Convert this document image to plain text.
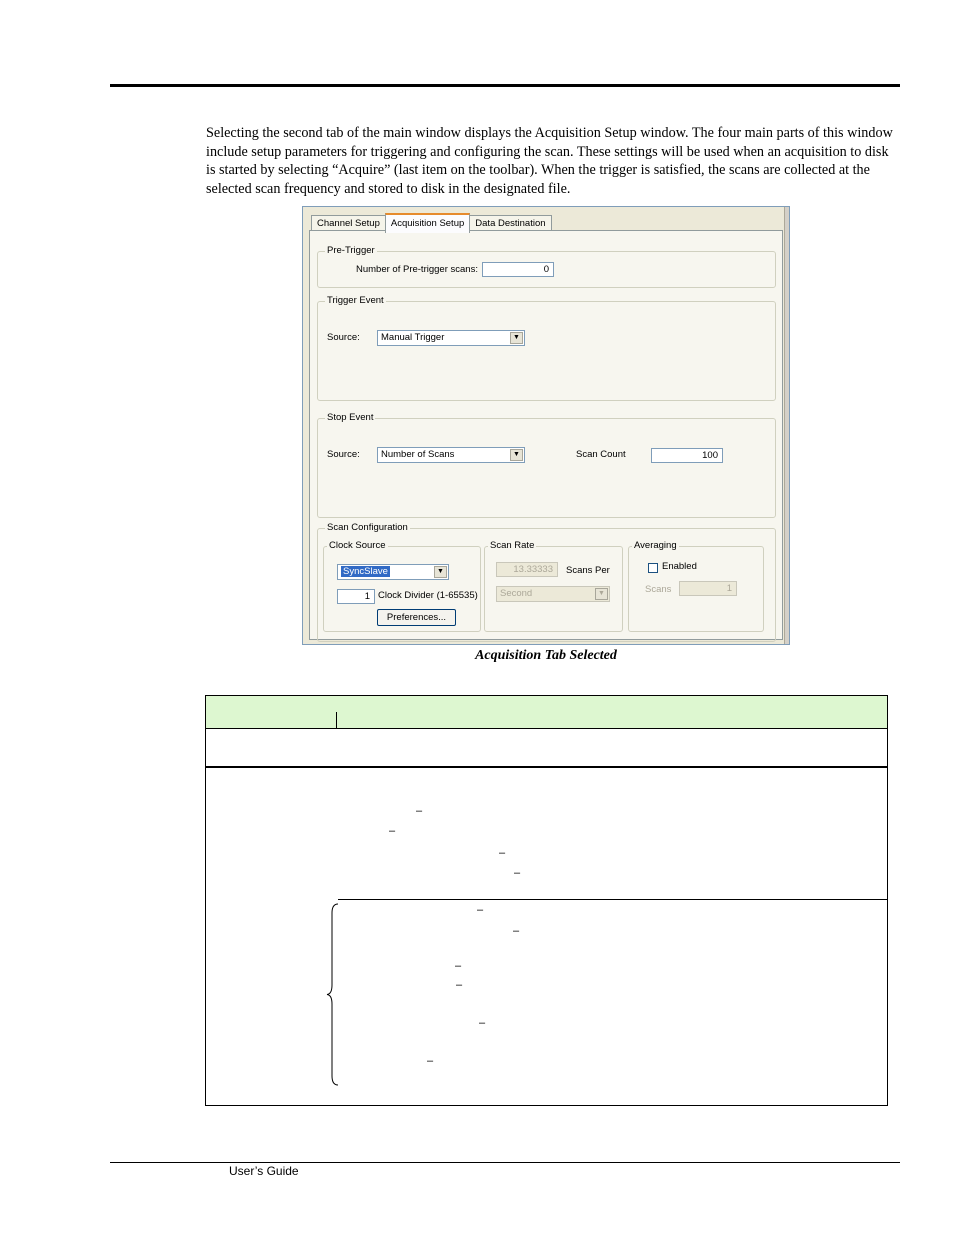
Selecting the second tab of the main window displays the Acquisition Setup window. The four main parts of this window include setup parameters for triggering and configuring the scan. These settings will be used when an acquisition to disk is started by selecting “Acquire” (last item on the toolbar). When the trigger is satisfied, the scans are collected at the selected scan frequency and stored to disk in the designated file.

Channel Setup	Acquisition Setup	Data Destination
Pre-Trigger
Number of Pre-trigger scans:	0
Trigger Event
Source:	Manual Trigger	▼
Stop Event
Source:	Number of Scans	▼	Scan Count	100
Scan Configuration
Clock Source
SyncSlave	▼
1 Clock Divider (1-65535)
Preferences...
Scan Rate
13.33333	Scans Per
Second	▼
Averaging
Enabled
Scans	1
Acquisition Tab Selected
–
–
–
–
–
–
–
–
–
–
User’s Guide
